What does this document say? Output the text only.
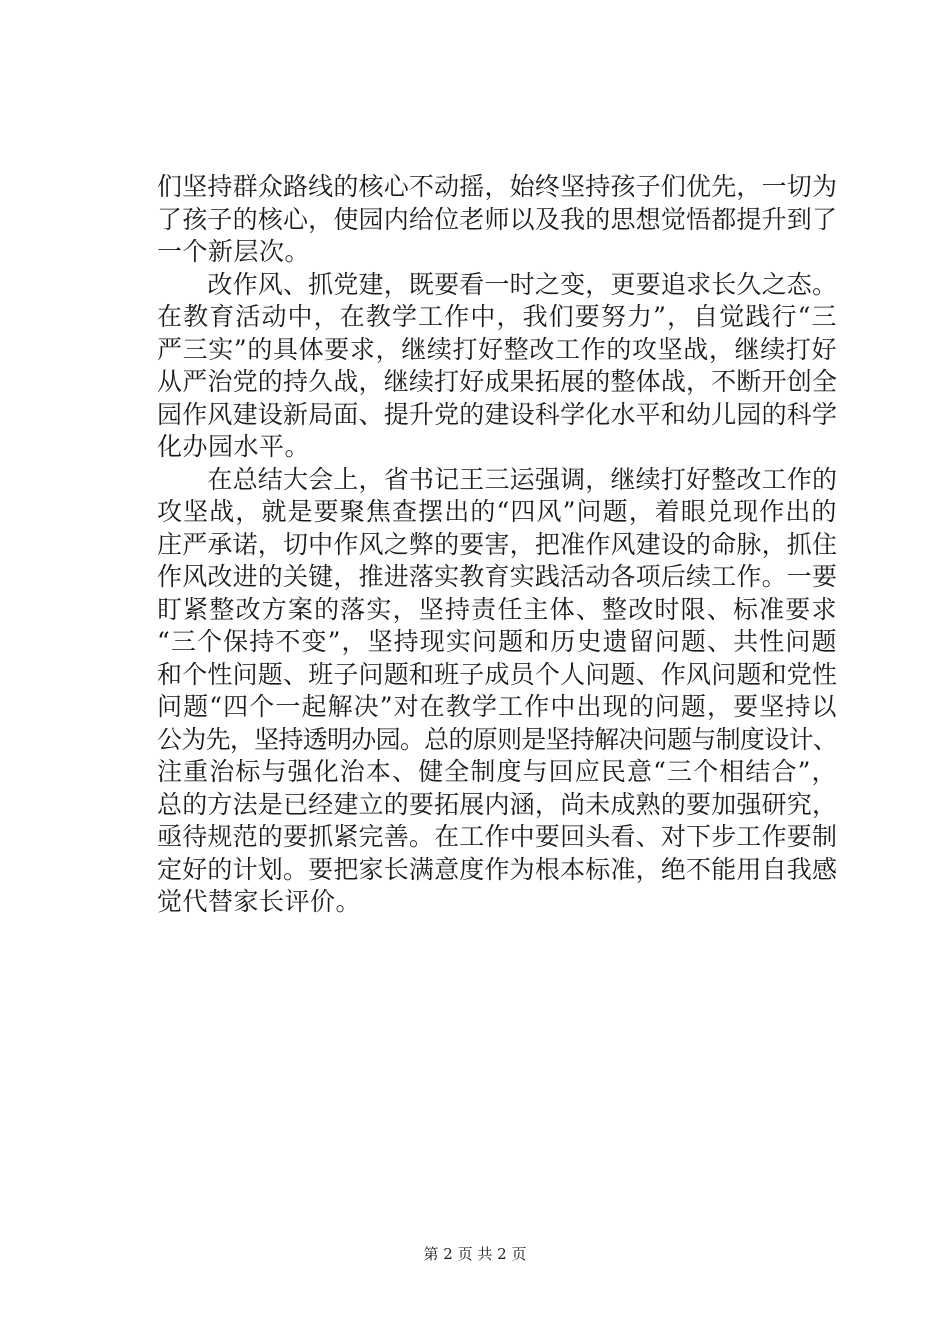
们坚持群众路线的核心不动摇，始终坚持孩子们优先，一切为
了孩子的核心，使园内给位老师以及我的思想觉悟都提升到了
一个新层次。
　　改作风、抓党建，既要看一时之变，更要追求长久之态。
在教育活动中，在教学工作中，我们要努力”，自觉践行“三
严三实”的具体要求，继续打好整改工作的攻坚战，继续打好
从严治党的持久战，继续打好成果拓展的整体战，不断开创全
园作风建设新局面、提升党的建设科学化水平和幼儿园的科学
化办园水平。
　　在总结大会上，省书记王三运强调，继续打好整改工作的
攻坚战，就是要聚焦查摆出的“四风”问题，着眼兑现作出的
庄严承诺，切中作风之弊的要害，把准作风建设的命脉，抓住
作风改进的关键，推进落实教育实践活动各项后续工作。一要
盯紧整改方案的落实，坚持责任主体、整改时限、标准要求
“三个保持不变”，坚持现实问题和历史遗留问题、共性问题
和个性问题、班子问题和班子成员个人问题、作风问题和党性
问题“四个一起解决”对在教学工作中出现的问题，要坚持以
公为先，坚持透明办园。总的原则是坚持解决问题与制度设计、
注重治标与强化治本、健全制度与回应民意“三个相结合”，
总的方法是已经建立的要拓展内涵，尚未成熟的要加强研究，
亟待规范的要抓紧完善。在工作中要回头看、对下步工作要制
定好的计划。要把家长满意度作为根本标准，绝不能用自我感
觉代替家长评价。
第 2 页 共 2 页
